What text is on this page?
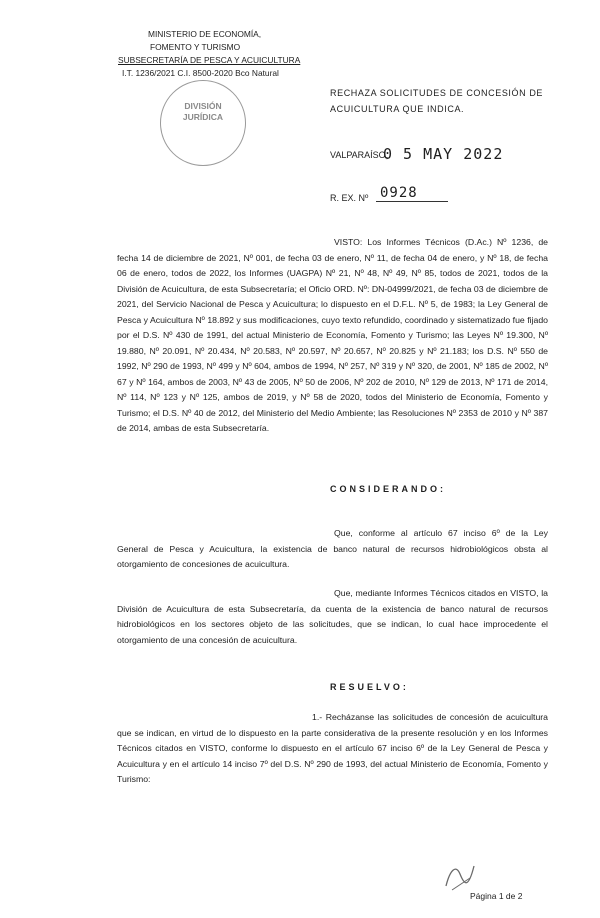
MINISTERIO DE ECONOMÍA,
FOMENTO Y TURISMO
SUBSECRETARÍA DE PESCA Y ACUICULTURA
I.T. 1236/2021 C.I. 8500-2020 Bco Natural
DIVISIÓN
JURÍDICA
RECHAZA SOLICITUDES DE CONCESIÓN DE ACUICULTURA QUE INDICA.
VALPARAÍSO,
0 5 MAY 2022
R. EX. Nº 0928
VISTO: Los Informes Técnicos (D.Ac.) Nº 1236, de fecha 14 de diciembre de 2021, Nº 001, de fecha 03 de enero, Nº 11, de fecha 04 de enero, y Nº 18, de fecha 06 de enero, todos de 2022, los Informes (UAGPA) Nº 21, Nº 48, Nº 49, Nº 85, todos de 2021, todos de la División de Acuicultura, de esta Subsecretaría; el Oficio ORD. Nº: DN-04999/2021, de fecha 03 de diciembre de 2021, del Servicio Nacional de Pesca y Acuicultura; lo dispuesto en el D.F.L. Nº 5, de 1983; la Ley General de Pesca y Acuicultura Nº 18.892 y sus modificaciones, cuyo texto refundido, coordinado y sistematizado fue fijado por el D.S. Nº 430 de 1991, del actual Ministerio de Economía, Fomento y Turismo; las Leyes Nº 19.300, Nº 19.880, Nº 20.091, Nº 20.434, Nº 20.583, Nº 20.597, Nº 20.657, Nº 20.825 y Nº 21.183; los D.S. Nº 550 de 1992, Nº 290 de 1993, Nº 499 y Nº 604, ambos de 1994, Nº 257, Nº 319 y Nº 320, de 2001, Nº 185 de 2002, Nº 67 y Nº 164, ambos de 2003, Nº 43 de 2005, Nº 50 de 2006, Nº 202 de 2010, Nº 129 de 2013, Nº 171 de 2014, Nº 114, Nº 123 y Nº 125, ambos de 2019, y Nº 58 de 2020, todos del Ministerio de Economía, Fomento y Turismo; el D.S. Nº 40 de 2012, del Ministerio del Medio Ambiente; las Resoluciones Nº 2353 de 2010 y Nº 387 de 2014, ambas de esta Subsecretaría.
CONSIDERANDO:
Que, conforme al artículo 67 inciso 6º de la Ley General de Pesca y Acuicultura, la existencia de banco natural de recursos hidrobiológicos obsta al otorgamiento de concesiones de acuicultura.
Que, mediante Informes Técnicos citados en VISTO, la División de Acuicultura de esta Subsecretaría, da cuenta de la existencia de banco natural de recursos hidrobiológicos en los sectores objeto de las solicitudes, que se indican, lo cual hace improcedente el otorgamiento de una concesión de acuicultura.
RESUELVO:
1.- Recházanse las solicitudes de concesión de acuicultura que se indican, en virtud de lo dispuesto en la parte considerativa de la presente resolución y en los Informes Técnicos citados en VISTO, conforme lo dispuesto en el artículo 67 inciso 6º de la Ley General de Pesca y Acuicultura y en el artículo 14 inciso 7º del D.S. Nº 290 de 1993, del actual Ministerio de Economía, Fomento y Turismo:
Página 1 de 2
